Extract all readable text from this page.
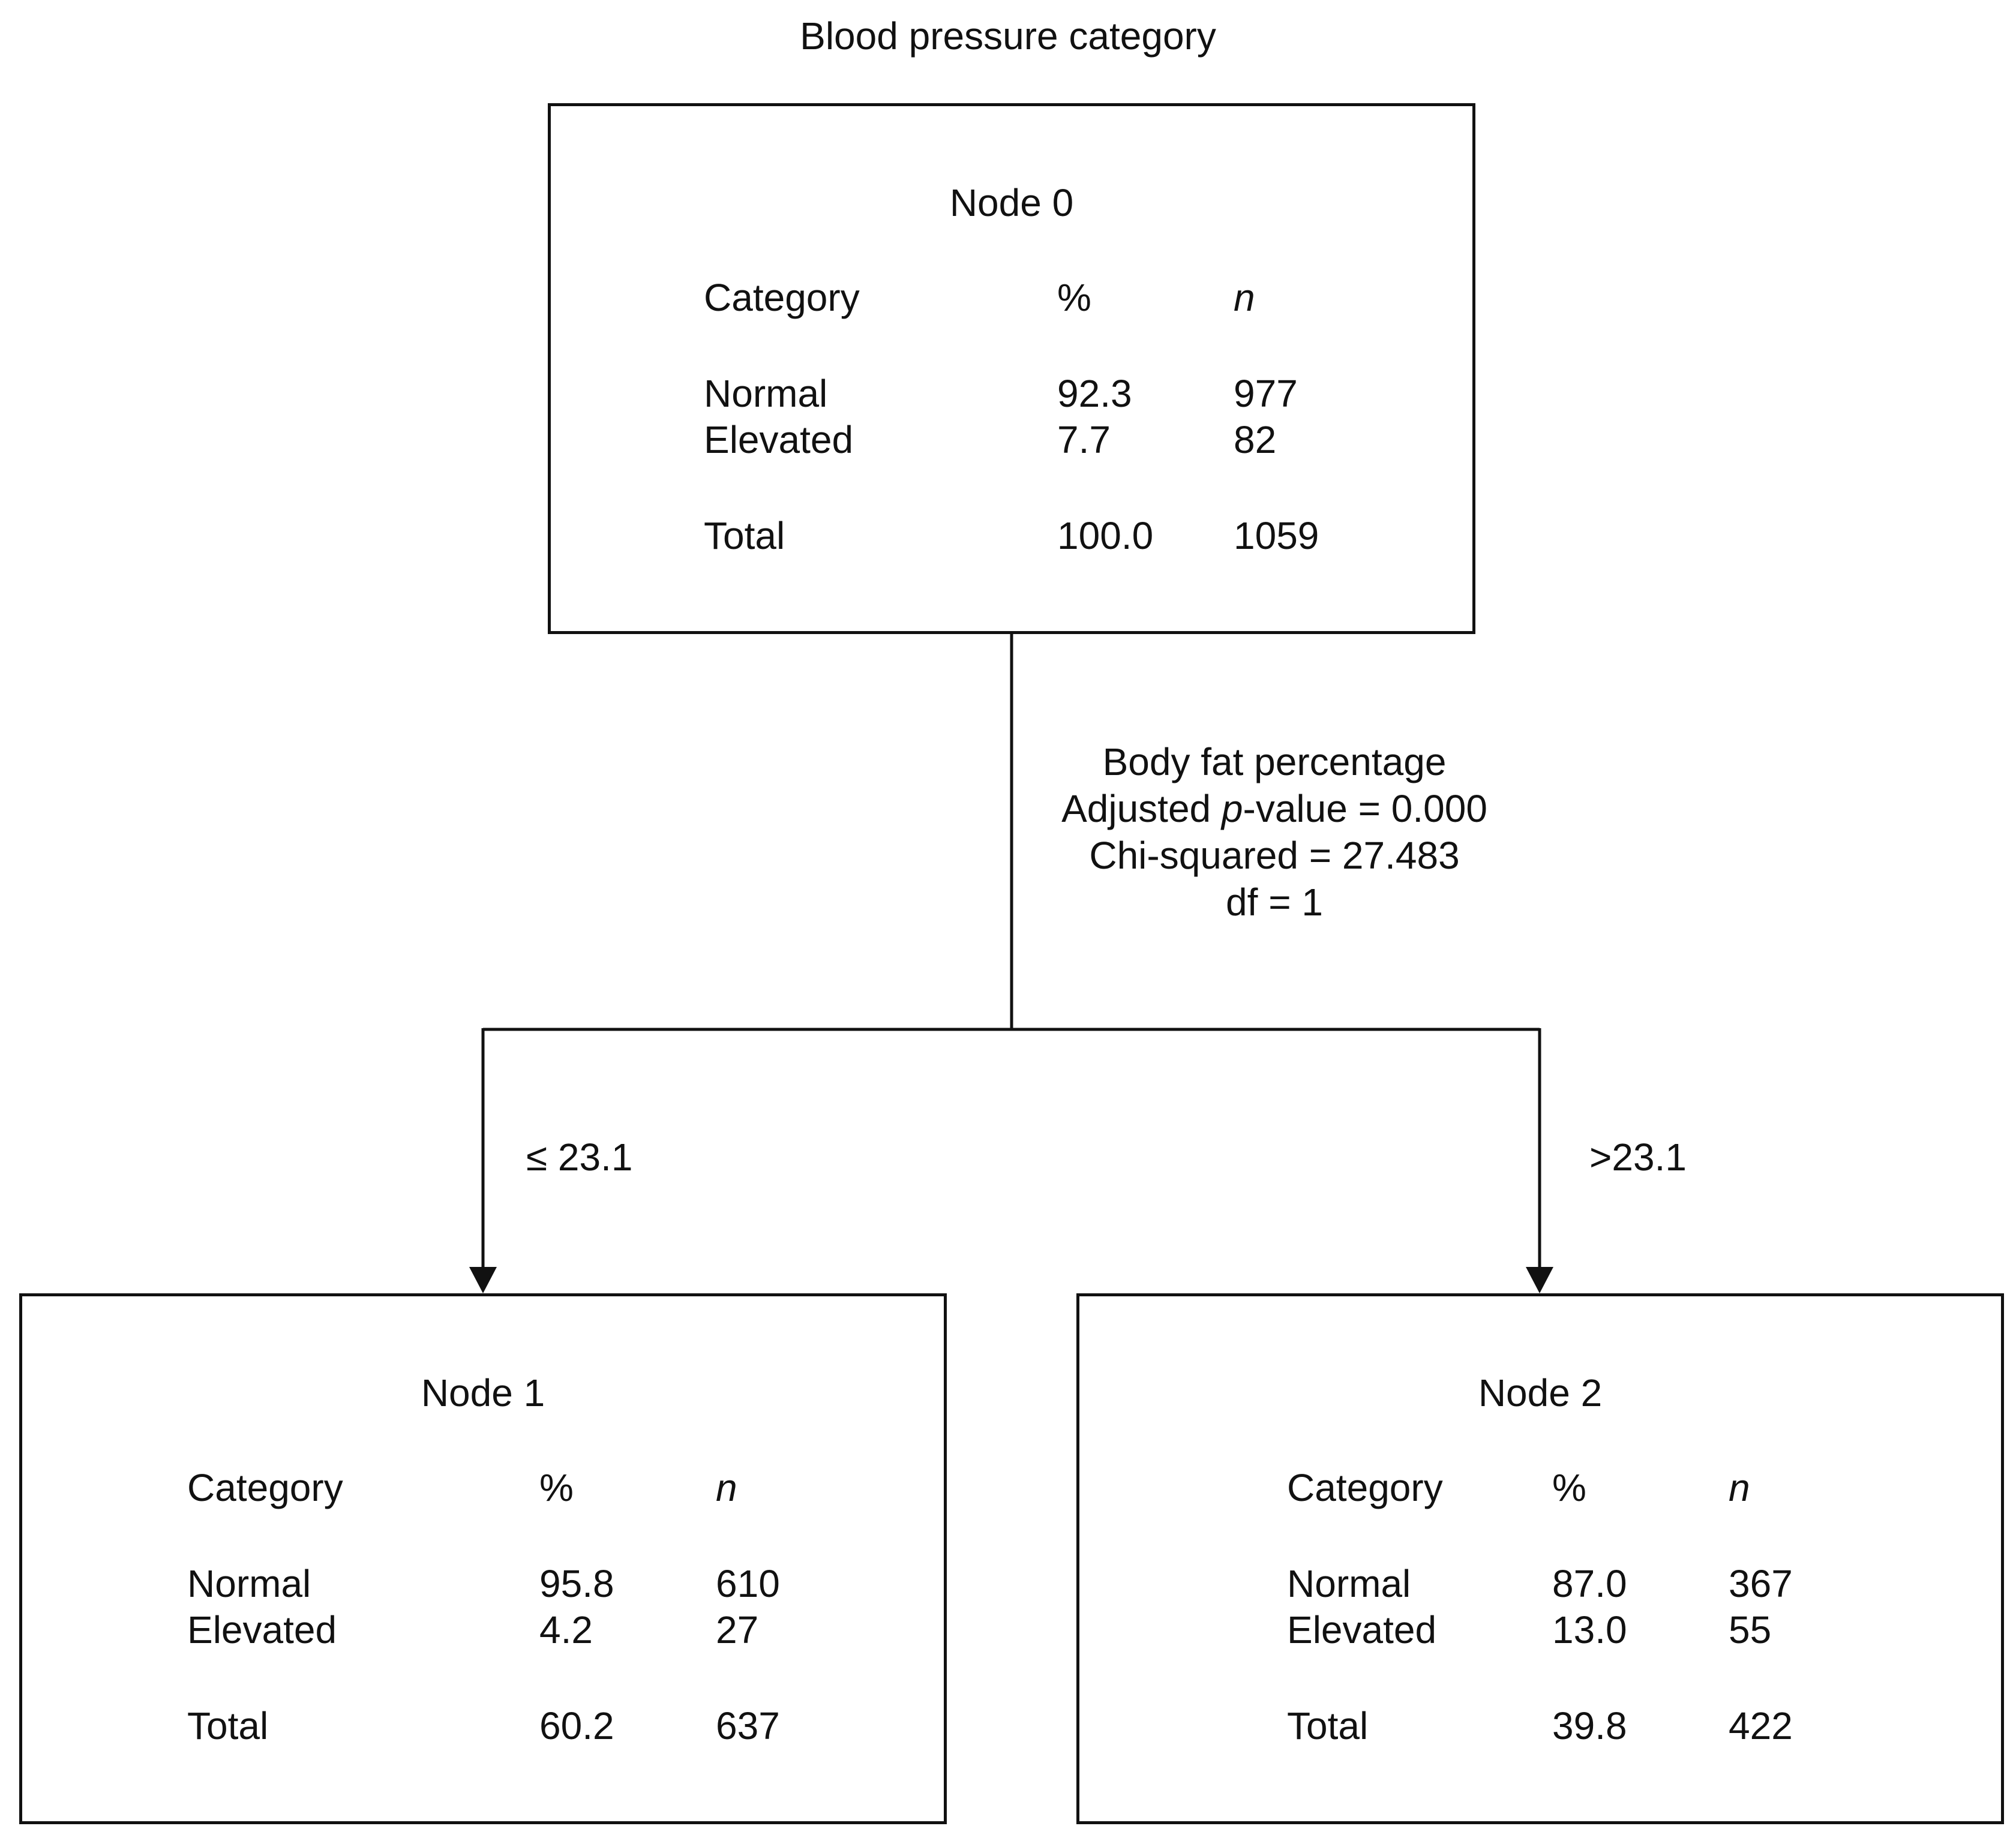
Blood pressure category
Node 0
Category	%	n
Normal	92.3	977
Elevated	7.7	82
Total	100.0 1059
Body fat percentage
Adjusted p-value = 0.000
Chi-squared = 27.483
df = 1
≤ 23.1	>23.1
Node 1
Category	%	n
Normal	95.8	610
Elevated	4.2	27
Total	60.2	637
Node 2
Category	%	n
Normal	87.0	367
Elevated	13.0	55
Total	39.8	422
